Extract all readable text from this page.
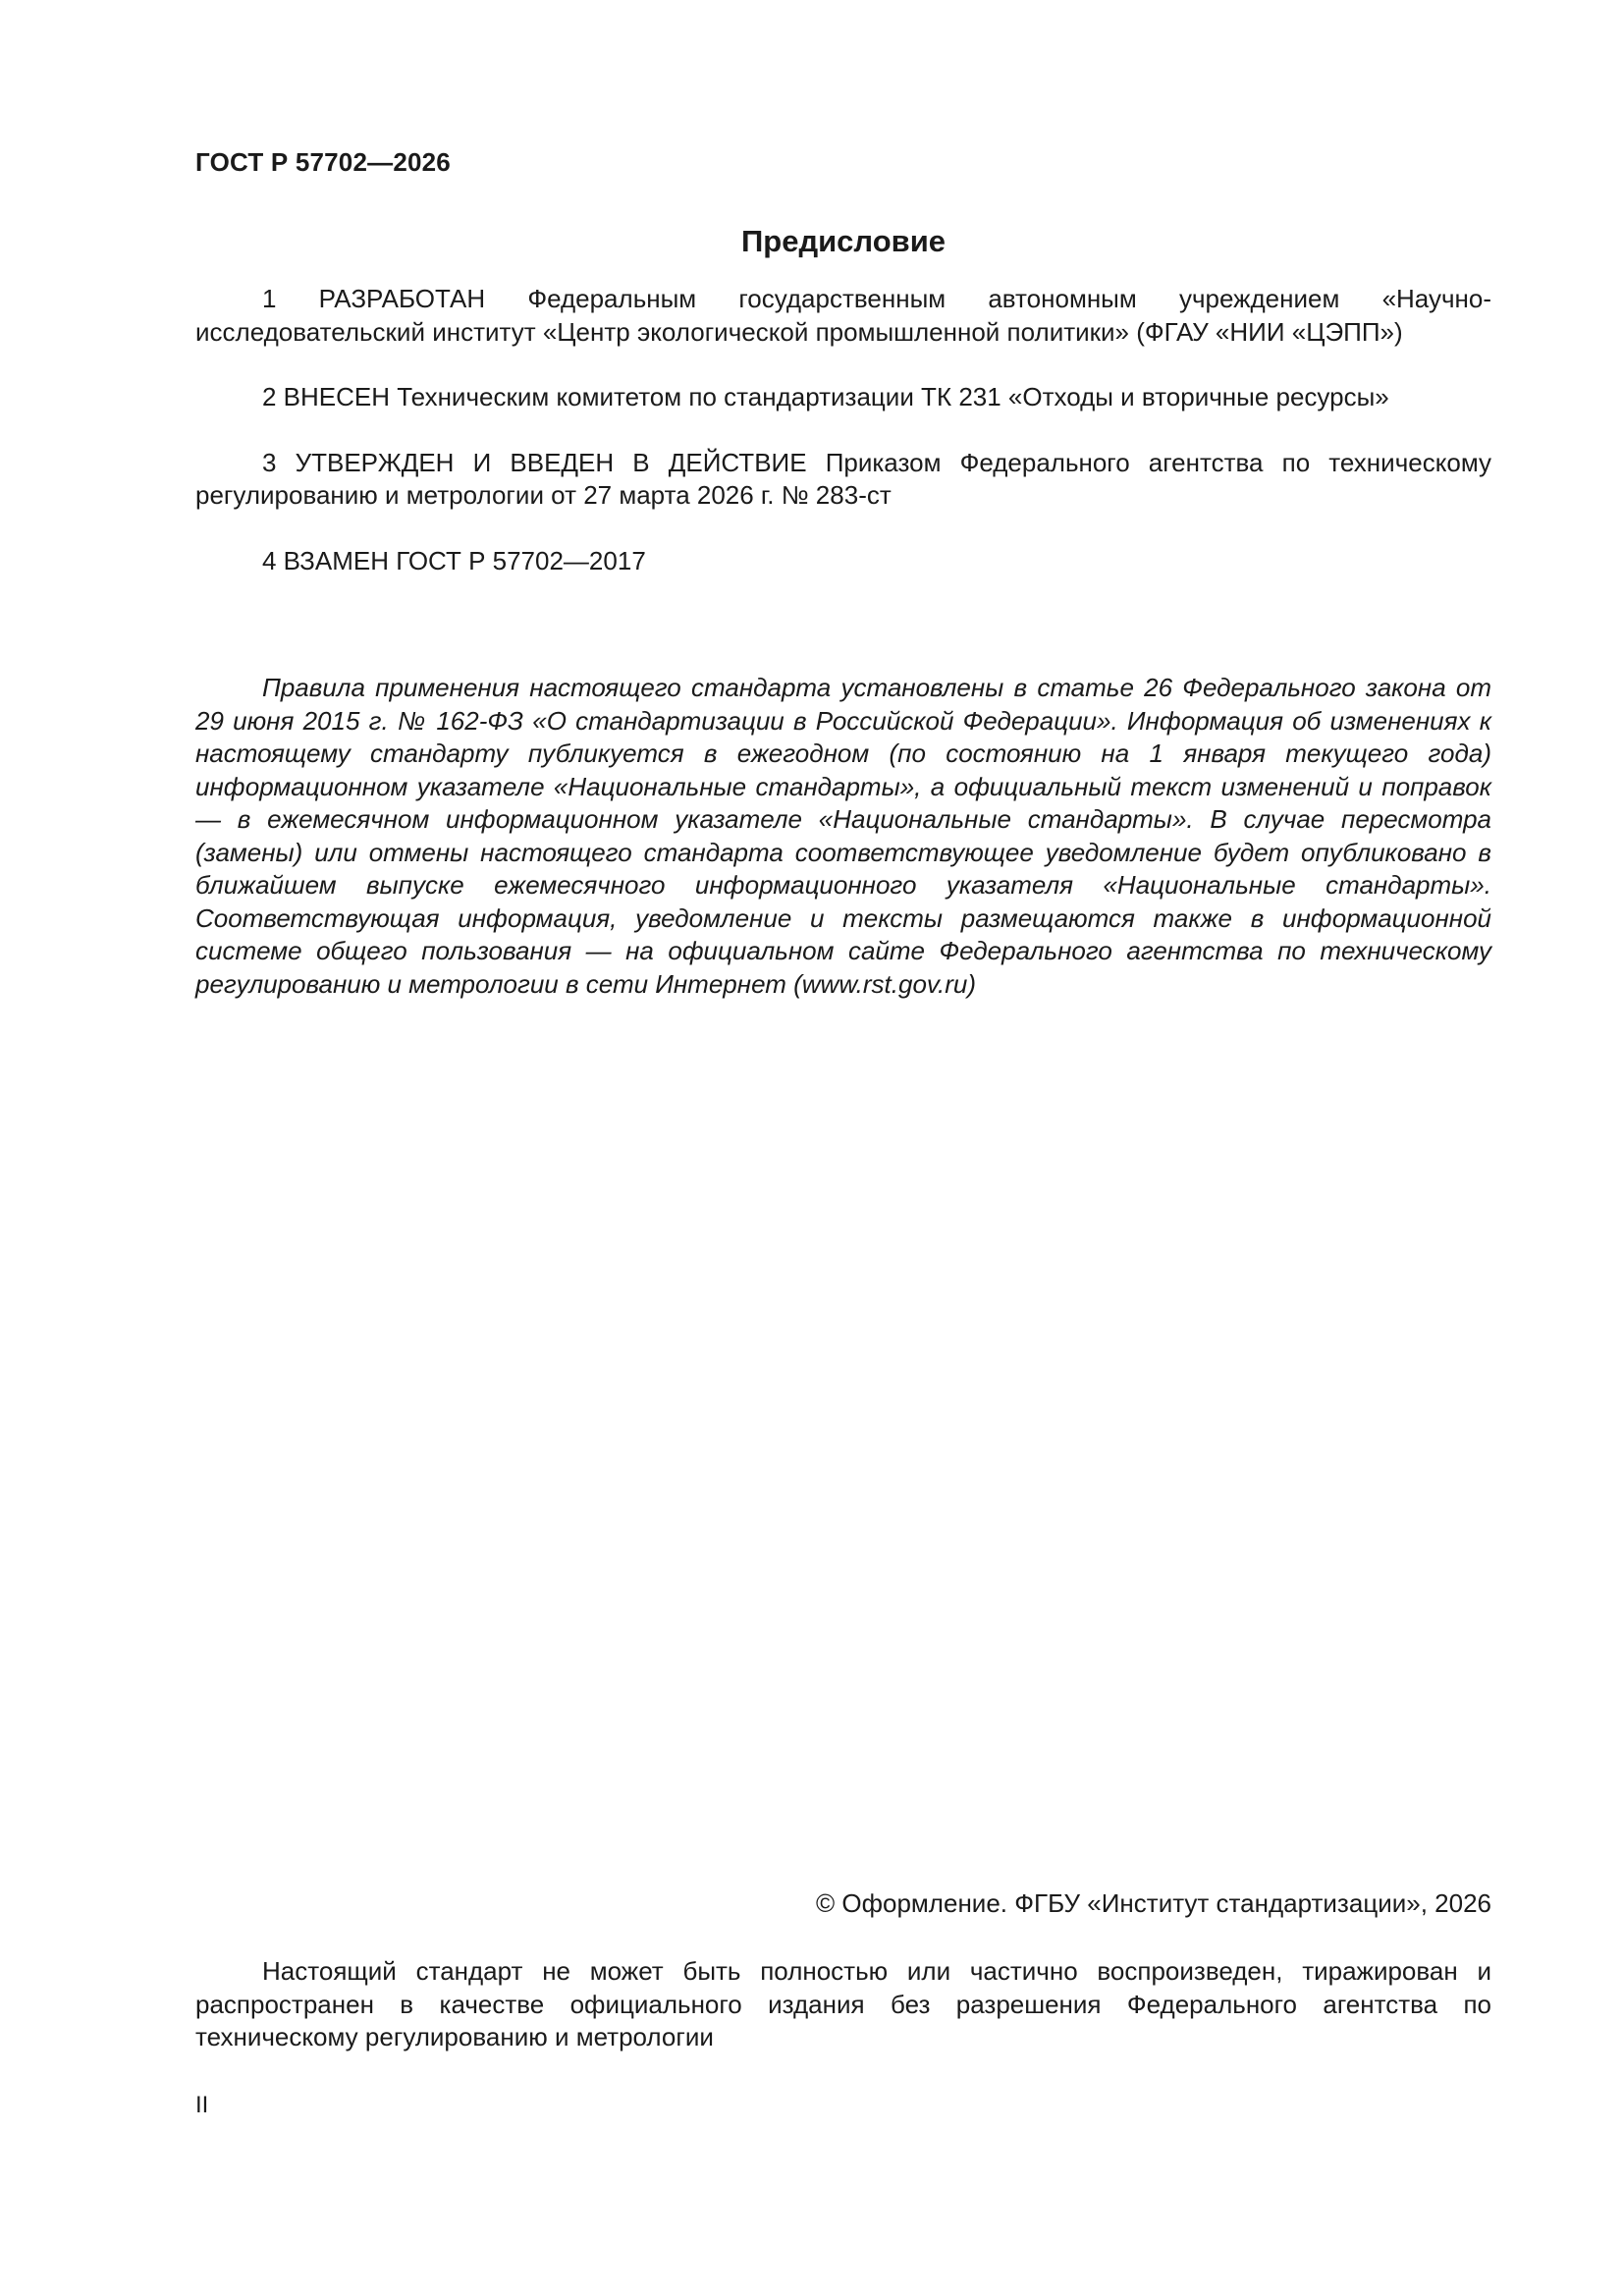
ГОСТ Р 57702—2026
Предисловие

1 РАЗРАБОТАН Федеральным государственным автономным учреждением «Научно-исследовательский институт «Центр экологической промышленной политики» (ФГАУ «НИИ «ЦЭПП»)

2 ВНЕСЕН Техническим комитетом по стандартизации ТК 231 «Отходы и вторичные ресурсы»

3 УТВЕРЖДЕН И ВВЕДЕН В ДЕЙСТВИЕ Приказом Федерального агентства по техническому регулированию и метрологии от 27 марта 2026 г. № 283-ст

4 ВЗАМЕН ГОСТ Р 57702—2017

Правила применения настоящего стандарта установлены в статье 26 Федерального закона от 29 июня 2015 г. № 162-ФЗ «О стандартизации в Российской Федерации». Информация об изменениях к настоящему стандарту публикуется в ежегодном (по состоянию на 1 января текущего года) информационном указателе «Национальные стандарты», а официальный текст изменений и поправок — в ежемесячном информационном указателе «Национальные стандарты». В случае пересмотра (замены) или отмены настоящего стандарта соответствующее уведомление будет опубликовано в ближайшем выпуске ежемесячного информационного указателя «Национальные стандарты». Соответствующая информация, уведомление и тексты размещаются также в информационной системе общего пользования — на официальном сайте Федерального агентства по техническому регулированию и метрологии в сети Интернет (www.rst.gov.ru)

© Оформление. ФГБУ «Институт стандартизации», 2026

Настоящий стандарт не может быть полностью или частично воспроизведен, тиражирован и распространен в качестве официального издания без разрешения Федерального агентства по техническому регулированию и метрологии

II
